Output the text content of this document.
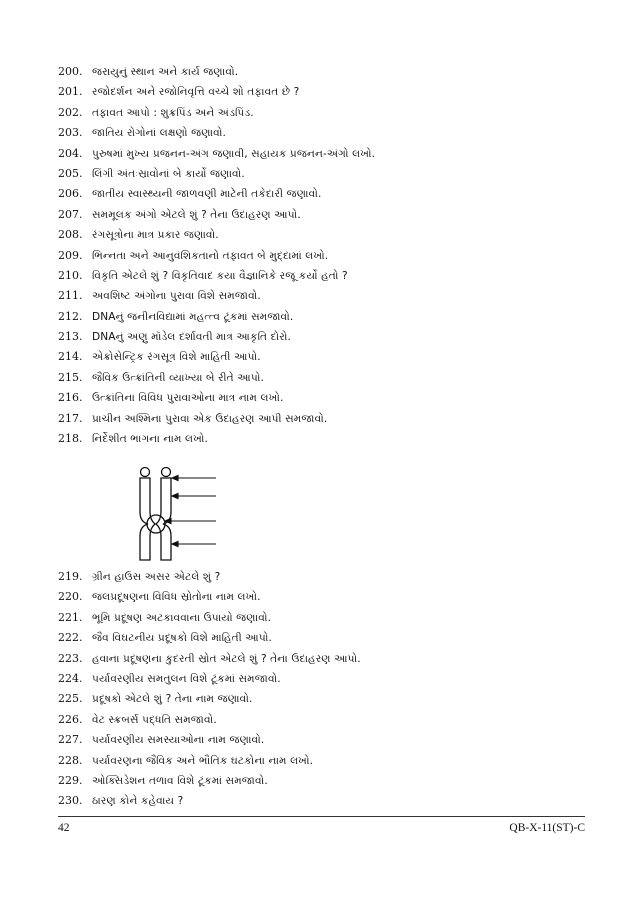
200. જરાયુનું સ્થાન અને કાર્ય જણાવો.
201. રજોદર્શન અને રજોનિવૃત્તિ વચ્ચે શો તફાવત છે ?
202. તફાવત આપો : શુક્રપિંડ અને અંડપિંડ.
203. જાતિય રોગોનાં લક્ષણો જણાવો.
204. પુરુષમાં મુખ્ય પ્રજનન-અંગ જણાવી, સહાયક પ્રજનન-અંગો લખો.
205. લિંગી અંતઃસ્રાવોનાં બે કાર્યો જણાવો.
206. જાતીય સ્વાસ્થ્યની જાળવણી માટેની તકેદારી જણાવો.
207. સમમૂલક અંગો એટલે શું ? તેના ઉદાહરણ આપો.
208. રંગસૂત્રોના માત્ર પ્રકાર જણાવો.
209. ભિન્નતા અને આનુવંશિકતાનો તફાવત બે મુદ્દામાં લખો.
210. વિકૃતિ એટલે શું ? વિકૃતિવાદ કયા વૈજ્ઞાનિકે રજૂ કર્યો હતો ?
211. અવશિષ્ટ અંગોના પુરાવા વિશે સમજાવો.
212. DNAનું જનીનવિદ્યામાં મહત્ત્વ ટૂંકમાં સમજાવો.
213. DNAનું અણુ મૉડેલ દર્શાવતી માત્ર આકૃતિ દોરો.
214. એક્રોસેન્ટ્રિક રંગસૂત્ર વિશે માહિતી આપો.
215. જૈવિક ઉત્ક્રાંતિની વ્યાખ્યા બે રીતે આપો.
216. ઉત્ક્રાંતિના વિવિધ પુરાવાઓના માત્ર નામ લખો.
217. પ્રાચીન અશ્મિના પુરાવા એક ઉદાહરણ આપી સમજાવો.
218. નિર્દેશીત ભાગના નામ લખો.
219. ગ્રીન હાઉસ અસર એટલે શું ?
220. જલપ્રદૂષણના વિવિધ સ્રોતોના નામ લખો.
221. ભૂમિ પ્રદૂષણ અટકાવવાના ઉપાયો જણાવો.
222. જૈવ વિઘટનીય પ્રદૂષકો વિશે માહિતી આપો.
223. હવાના પ્રદૂષણના કુદરતી સ્રોત એટલે શું ? તેના ઉદાહરણ આપો.
224. પર્યાવરણીય સમતુલન વિશે ટૂંકમાં સમજાવો.
225. પ્રદૂષકો એટલે શું ? તેના નામ જણાવો.
226. વેટ સ્ક્રબર્સ પદ્ધતિ સમજાવો.
227. પર્યાવરણીય સમસ્યાઓના નામ જણાવો.
228. પર્યાવરણના જૈવિક અને ભૌતિક ઘટકોના નામ લખો.
229. ઓક્સિડેશન તળાવ વિશે ટૂંકમાં સમજાવો.
230. ઠારણ કોને કહેવાય ?
42	QB-X-11(ST)-C
